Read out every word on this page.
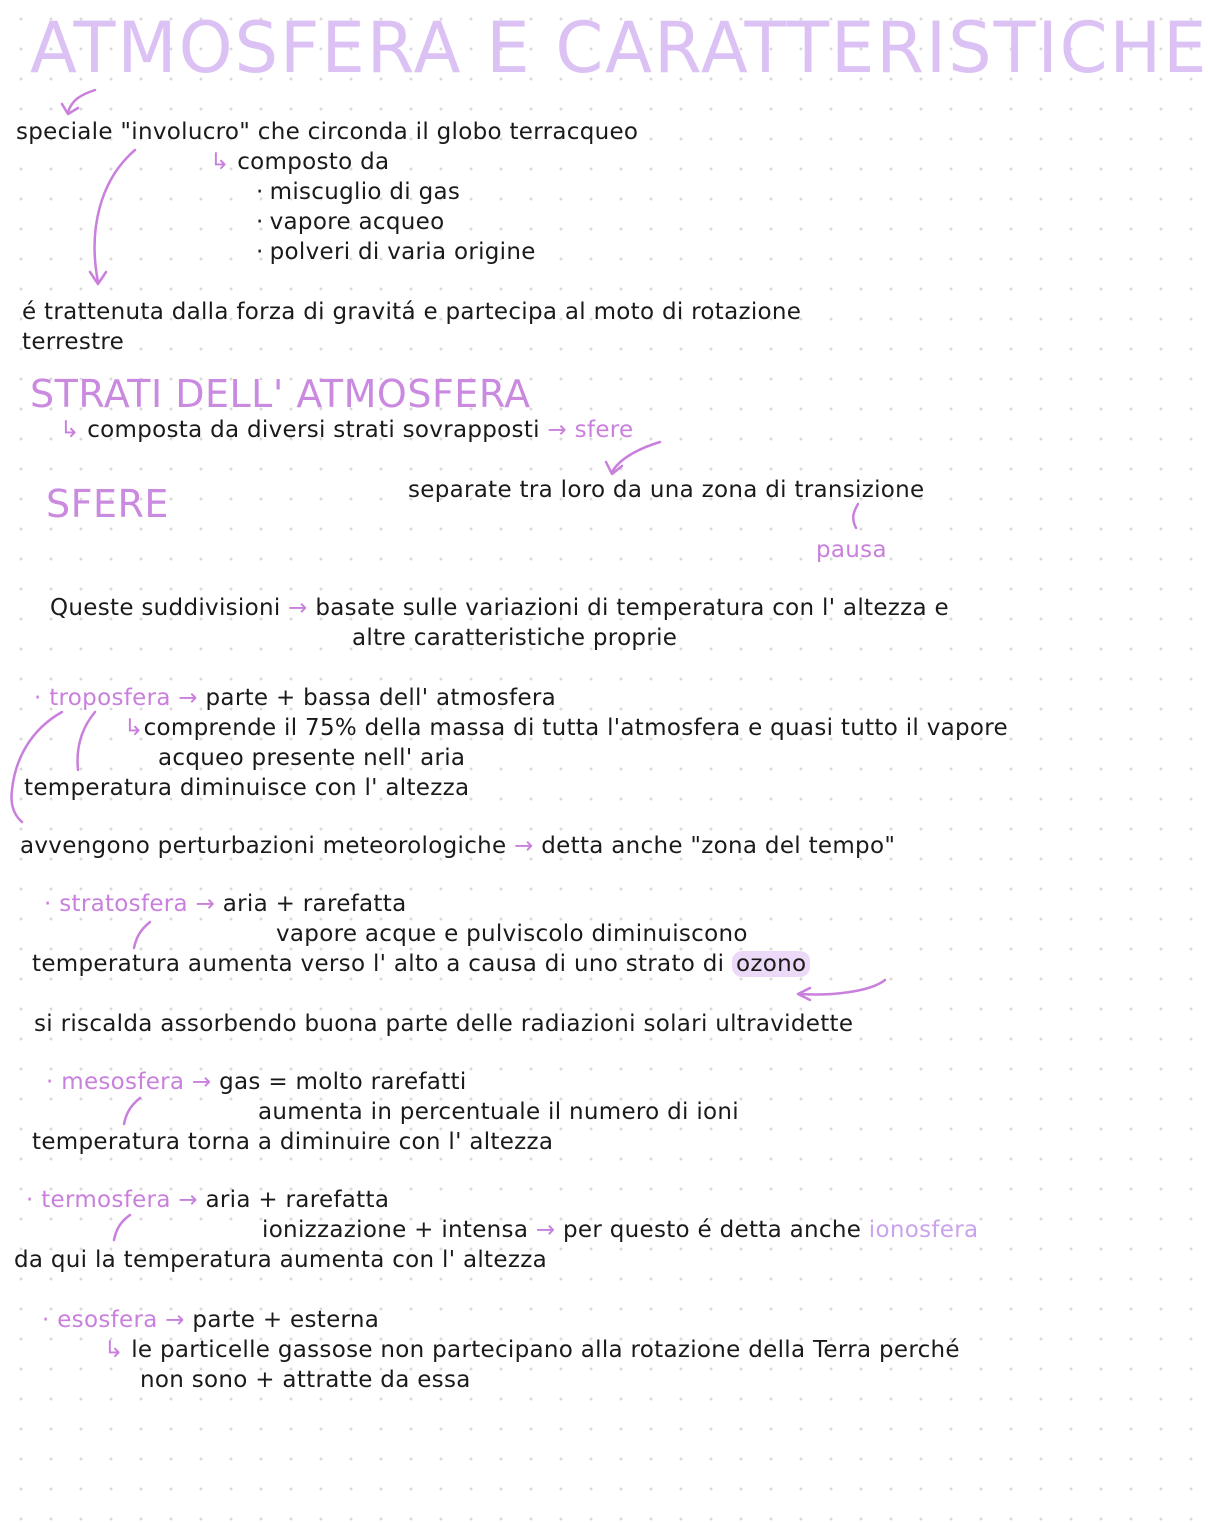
ATMOSFERA E CARATTERISTICHE
speciale "involucro" che circonda il globo terracqueo
↳ composto da
· miscuglio di gas
· vapore acqueo
· polveri di varia origine
é trattenuta dalla forza di gravitá e partecipa al moto di rotazione
terrestre
STRATI DELL' ATMOSFERA
↳ composta da diversi strati sovrapposti → sfere
SFERE	separate tra loro da una zona di transizione
pausa
Queste suddivisioni → basate sulle variazioni di temperatura con l' altezza e
altre caratteristiche proprie
· troposfera → parte + bassa dell' atmosfera
↳comprende il 75% della massa di tutta l'atmosfera e quasi tutto il vapore
acqueo presente nell' aria
temperatura diminuisce con l' altezza
avvengono perturbazioni meteorologiche → detta anche "zona del tempo"
· stratosfera → aria + rarefatta
vapore acque e pulviscolo diminuiscono
temperatura aumenta verso l' alto a causa di uno strato di ozono
si riscalda assorbendo buona parte delle radiazioni solari ultravidette
· mesosfera → gas = molto rarefatti
aumenta in percentuale il numero di ioni
temperatura torna a diminuire con l' altezza
· termosfera → aria + rarefatta
ionizzazione + intensa → per questo é detta anche ionosfera
da qui la temperatura aumenta con l' altezza
· esosfera → parte + esterna
↳ le particelle gassose non partecipano alla rotazione della Terra perché
non sono + attratte da essa
